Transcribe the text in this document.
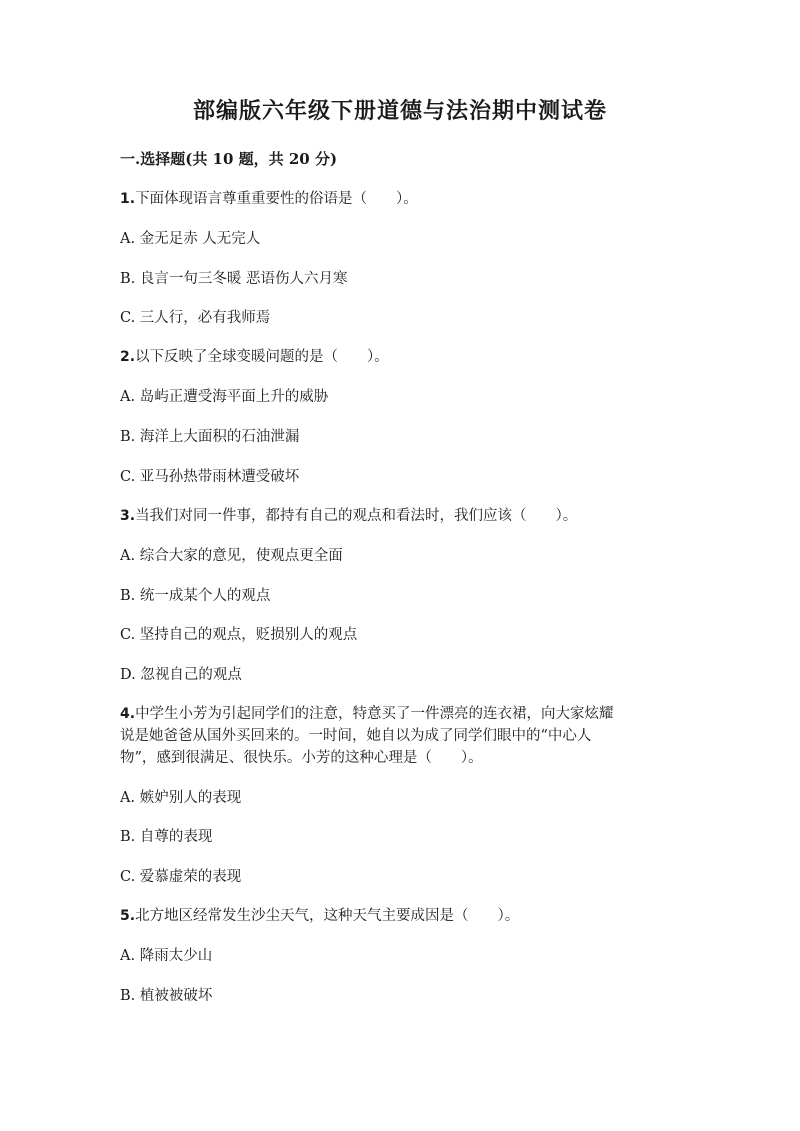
部编版六年级下册道德与法治期中测试卷
一.选择题(共 10 题，共 20 分)
1.下面体现语言尊重重要性的俗语是（　　）。
A. 金无足赤 人无完人
B. 良言一句三冬暖 恶语伤人六月寒
C. 三人行，必有我师焉
2.以下反映了全球变暖问题的是（　　）。
A. 岛屿正遭受海平面上升的威胁
B. 海洋上大面积的石油泄漏
C. 亚马孙热带雨林遭受破坏
3.当我们对同一件事，都持有自己的观点和看法时，我们应该（　　）。
A. 综合大家的意见，使观点更全面
B. 统一成某个人的观点
C. 坚持自己的观点，贬损别人的观点
D. 忽视自己的观点
4.中学生小芳为引起同学们的注意，特意买了一件漂亮的连衣裙，向大家炫耀
说是她爸爸从国外买回来的。一时间，她自以为成了同学们眼中的“中心人
物”，感到很满足、很快乐。小芳的这种心理是（　　）。
A. 嫉妒别人的表现
B. 自尊的表现
C. 爱慕虚荣的表现
5.北方地区经常发生沙尘天气，这种天气主要成因是（　　）。
A. 降雨太少山
B. 植被被破坏
